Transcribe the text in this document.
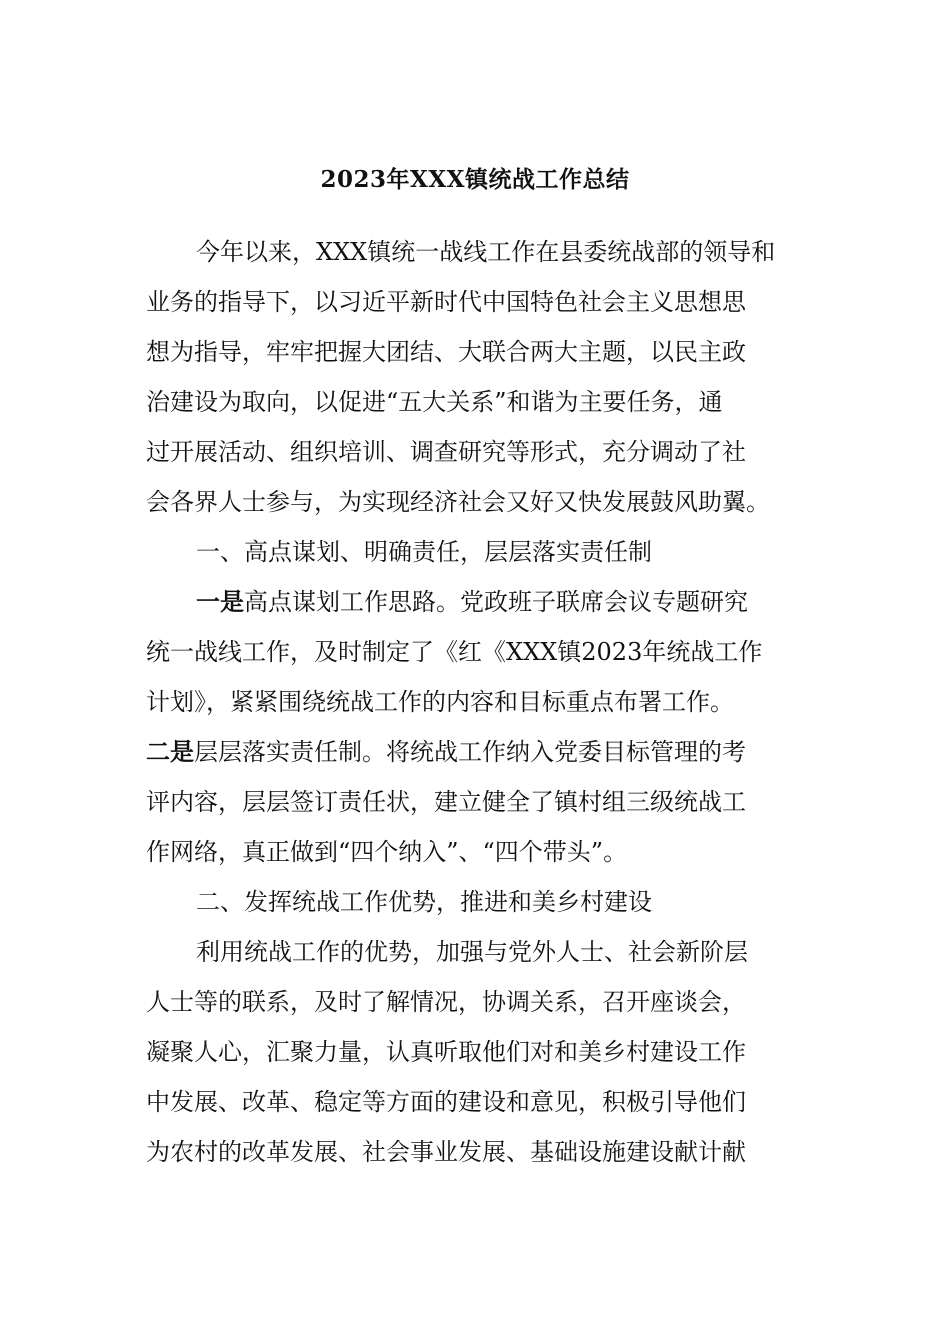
2023年XXX镇统战工作总结
今年以来，XXX镇统一战线工作在县委统战部的领导和
业务的指导下，以习近平新时代中国特色社会主义思想思
想为指导，牢牢把握大团结、大联合两大主题，以民主政
治建设为取向，以促进“五大关系”和谐为主要任务，通
过开展活动、组织培训、调查研究等形式，充分调动了社
会各界人士参与，为实现经济社会又好又快发展鼓风助翼。
一、高点谋划、明确责任，层层落实责任制
一是高点谋划工作思路。党政班子联席会议专题研究
统一战线工作，及时制定了《红《XXX镇2023年统战工作
计划》，紧紧围绕统战工作的内容和目标重点布署工作。
二是层层落实责任制。将统战工作纳入党委目标管理的考
评内容，层层签订责任状，建立健全了镇村组三级统战工
作网络，真正做到“四个纳入”、“四个带头”。
二、发挥统战工作优势，推进和美乡村建设
利用统战工作的优势，加强与党外人士、社会新阶层
人士等的联系，及时了解情况，协调关系，召开座谈会，
凝聚人心，汇聚力量，认真听取他们对和美乡村建设工作
中发展、改革、稳定等方面的建设和意见，积极引导他们
为农村的改革发展、社会事业发展、基础设施建设献计献
